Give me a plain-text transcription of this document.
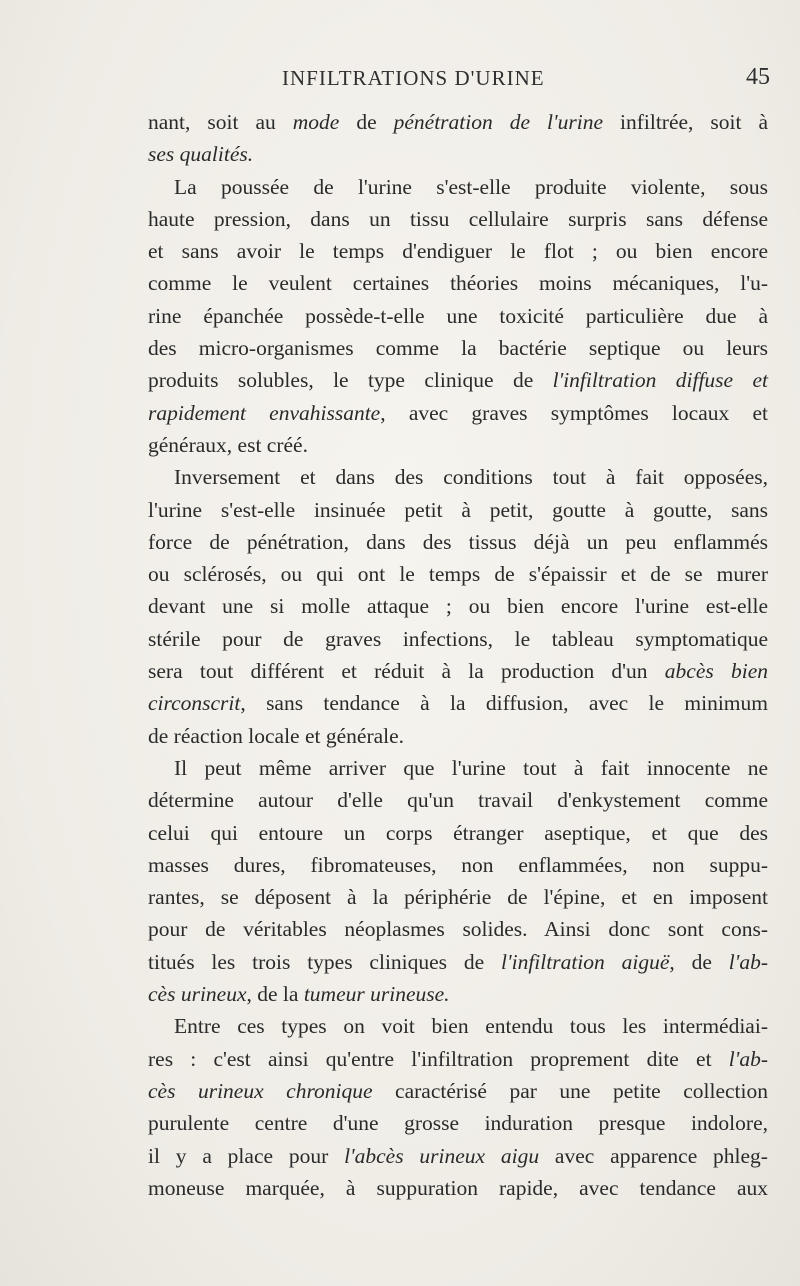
INFILTRATIONS D'URINE	45
nant, soit au mode de pénétration de l'urine infiltrée, soit à
ses qualités.
La poussée de l'urine s'est-elle produite violente, sous
haute pression, dans un tissu cellulaire surpris sans défense
et sans avoir le temps d'endiguer le flot ; ou bien encore
comme le veulent certaines théories moins mécaniques, l'u-
rine épanchée possède-t-elle une toxicité particulière due à
des micro-organismes comme la bactérie septique ou leurs
produits solubles, le type clinique de l'infiltration diffuse et
rapidement envahissante, avec graves symptômes locaux et
généraux, est créé.
Inversement et dans des conditions tout à fait opposées,
l'urine s'est-elle insinuée petit à petit, goutte à goutte, sans
force de pénétration, dans des tissus déjà un peu enflammés
ou sclérosés, ou qui ont le temps de s'épaissir et de se murer
devant une si molle attaque ; ou bien encore l'urine est-elle
stérile pour de graves infections, le tableau symptomatique
sera tout différent et réduit à la production d'un abcès bien
circonscrit, sans tendance à la diffusion, avec le minimum
de réaction locale et générale.
Il peut même arriver que l'urine tout à fait innocente ne
détermine autour d'elle qu'un travail d'enkystement comme
celui qui entoure un corps étranger aseptique, et que des
masses dures, fibromateuses, non enflammées, non suppu-
rantes, se déposent à la périphérie de l'épine, et en imposent
pour de véritables néoplasmes solides. Ainsi donc sont cons-
titués les trois types cliniques de l'infiltration aiguë, de l'ab-
cès urineux, de la tumeur urineuse.
Entre ces types on voit bien entendu tous les intermédiai-
res : c'est ainsi qu'entre l'infiltration proprement dite et l'ab-
cès urineux chronique caractérisé par une petite collection
purulente centre d'une grosse induration presque indolore,
il y a place pour l'abcès urineux aigu avec apparence phleg-
moneuse marquée, à suppuration rapide, avec tendance aux
